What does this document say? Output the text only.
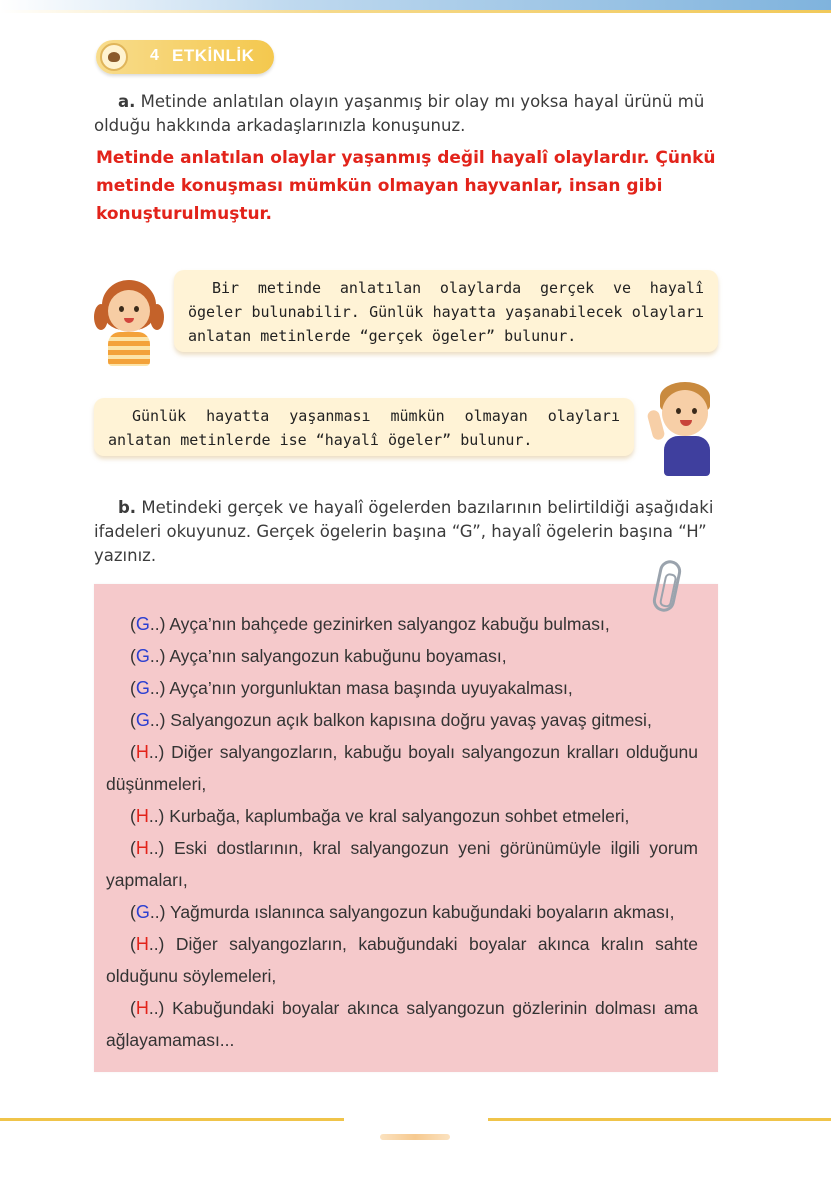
4 ETKİNLİK
a. Metinde anlatılan olayın yaşanmış bir olay mı yoksa hayal ürünü mü olduğu hakkında arkadaşlarınızla konuşunuz.
Metinde anlatılan olaylar yaşanmış değil hayalî olaylardır. Çünkü metinde konuşması mümkün olmayan hayvanlar, insan gibi konuşturulmuştur.

Bir metinde anlatılan olaylarda gerçek ve hayalî ögeler bulunabilir. Günlük hayatta yaşanabilecek olayları anlatan metinlerde “gerçek ögeler” bulunur.

Günlük hayatta yaşanması mümkün olmayan olayları anlatan metinlerde ise “hayalî ögeler” bulunur.

b. Metindeki gerçek ve hayalî ögelerden bazılarının belirtildiği aşağıdaki ifadeleri okuyunuz. Gerçek ögelerin başına “G”, hayalî ögelerin başına “H” yazınız.

(G..) Ayça’nın bahçede gezinirken salyangoz kabuğu bulması,

(G..) Ayça’nın salyangozun kabuğunu boyaması,

(G..) Ayça’nın yorgunluktan masa başında uyuyakalması,

(G..) Salyangozun açık balkon kapısına doğru yavaş yavaş gitmesi,

(H..) Diğer salyangozların, kabuğu boyalı salyangozun kralları olduğunu düşünmeleri,

(H..) Kurbağa, kaplumbağa ve kral salyangozun sohbet etmeleri,

(H..) Eski dostlarının, kral salyangozun yeni görünümüyle ilgili yorum yapmaları,

(G..) Yağmurda ıslanınca salyangozun kabuğundaki boyaların akması,

(H..) Diğer salyangozların, kabuğundaki boyalar akınca kralın sahte olduğunu söylemeleri,

(H..) Kabuğundaki boyalar akınca salyangozun gözlerinin dolması ama ağlayamaması...
